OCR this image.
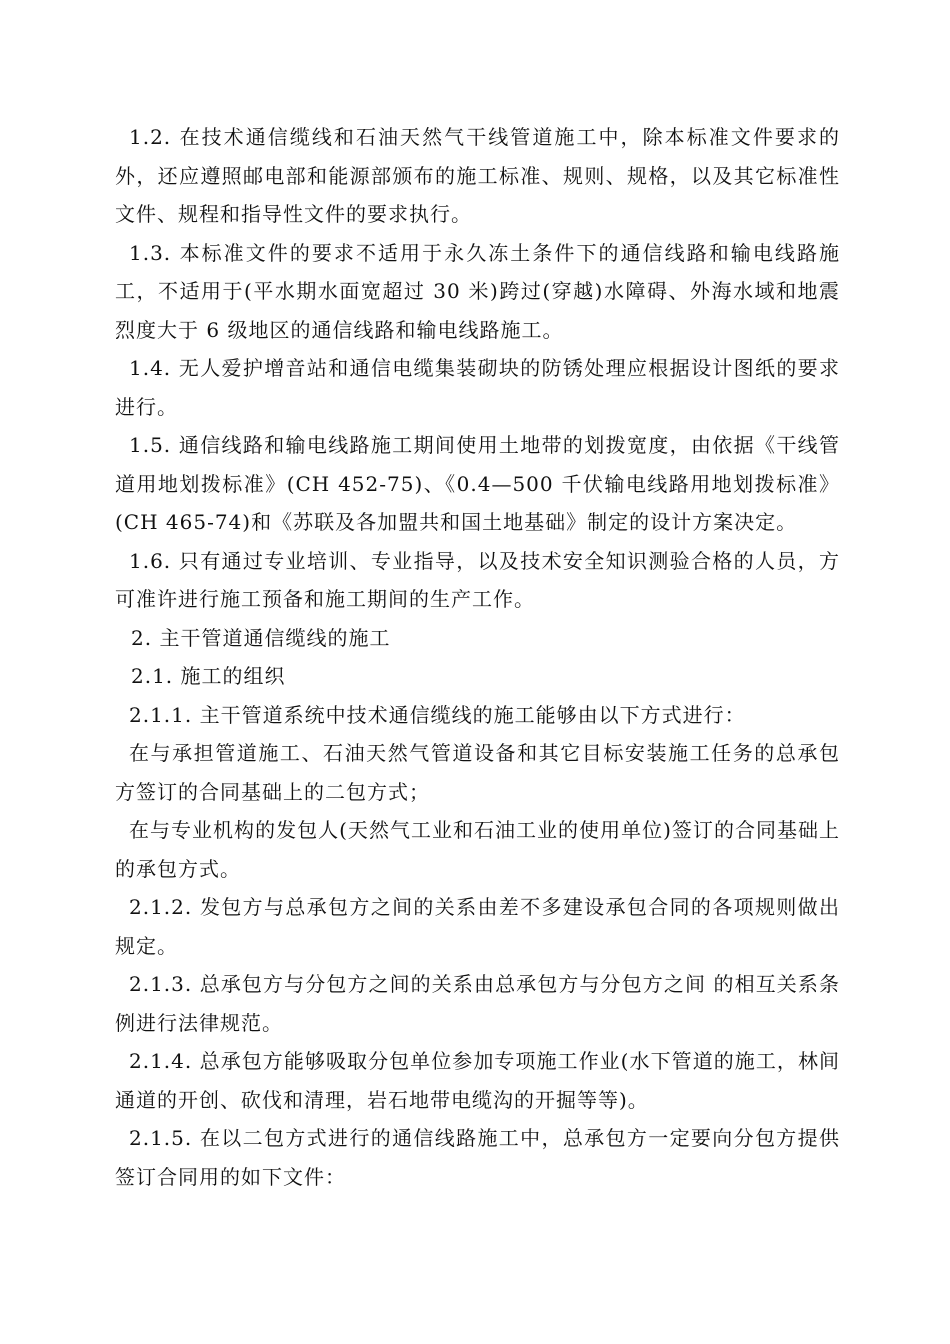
1.2. 在技术通信缆线和石油天然气干线管道施工中，除本标准文件要求的外，还应遵照邮电部和能源部颁布的施工标准、规则、规格，以及其它标准性文件、规程和指导性文件的要求执行。

1.3. 本标准文件的要求不适用于永久冻土条件下的通信线路和输电线路施工，不适用于(平水期水面宽超过 30 米)跨过(穿越)水障碍、外海水域和地震烈度大于 6 级地区的通信线路和输电线路施工。

1.4. 无人爱护增音站和通信电缆集装砌块的防锈处理应根据设计图纸的要求进行。

1.5. 通信线路和输电线路施工期间使用土地带的划拨宽度，由依据《干线管道用地划拨标准》(CH 452-75)、《0.4—500 千伏输电线路用地划拨标准》(CH 465-74)和《苏联及各加盟共和国土地基础》制定的设计方案决定。

1.6. 只有通过专业培训、专业指导，以及技术安全知识测验合格的人员，方可准许进行施工预备和施工期间的生产工作。

2. 主干管道通信缆线的施工

2.1. 施工的组织

2.1.1. 主干管道系统中技术通信缆线的施工能够由以下方式进行：

在与承担管道施工、石油天然气管道设备和其它目标安装施工任务的总承包方签订的合同基础上的二包方式；

在与专业机构的发包人(天然气工业和石油工业的使用单位)签订的合同基础上的承包方式。

2.1.2. 发包方与总承包方之间的关系由差不多建设承包合同的各项规则做出规定。

2.1.3. 总承包方与分包方之间的关系由总承包方与分包方之间 的相互关系条例进行法律规范。

2.1.4. 总承包方能够吸取分包单位参加专项施工作业(水下管道的施工，林间通道的开创、砍伐和清理，岩石地带电缆沟的开掘等等)。

2.1.5. 在以二包方式进行的通信线路施工中，总承包方一定要向分包方提供签订合同用的如下文件：
